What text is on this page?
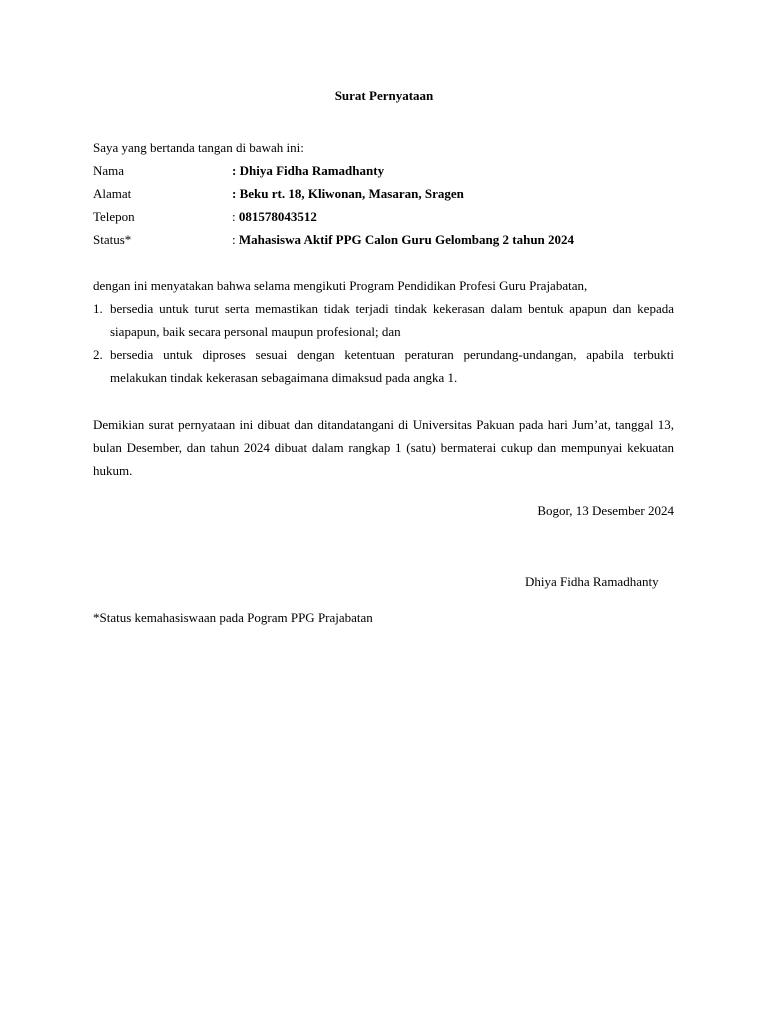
Surat Pernyataan
Saya yang bertanda tangan di bawah ini:
Nama	: Dhiya Fidha Ramadhanty
Alamat	: Beku rt. 18, Kliwonan, Masaran, Sragen
Telepon	: 081578043512
Status*	: Mahasiswa Aktif PPG Calon Guru Gelombang 2 tahun 2024
dengan ini menyatakan bahwa selama mengikuti Program Pendidikan Profesi Guru Prajabatan,
1. bersedia untuk turut serta memastikan tidak terjadi tindak kekerasan dalam bentuk apapun dan kepada siapapun, baik secara personal maupun profesional; dan
2. bersedia untuk diproses sesuai dengan ketentuan peraturan perundang-undangan, apabila terbukti melakukan tindak kekerasan sebagaimana dimaksud pada angka 1.
Demikian surat pernyataan ini dibuat dan ditandatangani di Universitas Pakuan pada hari Jum’at, tanggal 13, bulan Desember, dan tahun 2024 dibuat dalam rangkap 1 (satu) bermaterai cukup dan mempunyai kekuatan hukum.
Bogor, 13 Desember 2024
Dhiya Fidha Ramadhanty
*Status kemahasiswaan pada Pogram PPG Prajabatan
